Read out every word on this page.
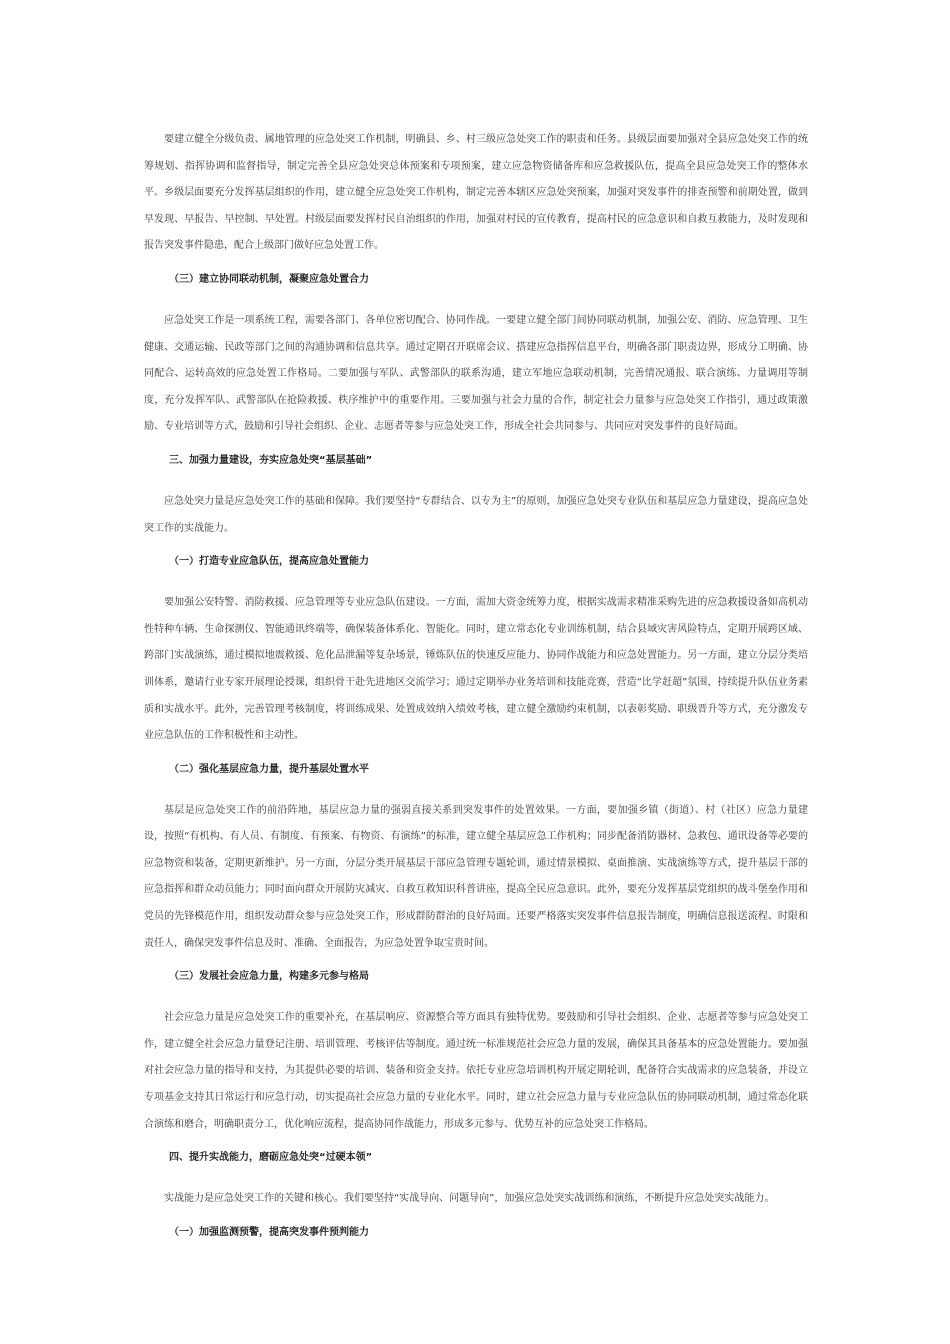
要建立健全分级负责、属地管理的应急处突工作机制，明确县、乡、村三级应急处突工作的职责和任务。县级层面要加强对全县应急处突工作的统筹规划、指挥协调和监督指导，制定完善全县应急处突总体预案和专项预案，建立应急物资储备库和应急救援队伍，提高全县应急处突工作的整体水平。乡级层面要充分发挥基层组织的作用，建立健全应急处突工作机构，制定完善本辖区应急处突预案，加强对突发事件的排查预警和前期处置，做到早发现、早报告、早控制、早处置。村级层面要发挥村民自治组织的作用，加强对村民的宣传教育，提高村民的应急意识和自救互救能力，及时发现和报告突发事件隐患，配合上级部门做好应急处置工作。

（三）建立协同联动机制，凝聚应急处置合力

应急处突工作是一项系统工程，需要各部门、各单位密切配合、协同作战。一要建立健全部门间协同联动机制，加强公安、消防、应急管理、卫生健康、交通运输、民政等部门之间的沟通协调和信息共享。通过定期召开联席会议、搭建应急指挥信息平台，明确各部门职责边界，形成分工明确、协同配合、运转高效的应急处置工作格局。二要加强与军队、武警部队的联系沟通，建立军地应急联动机制，完善情况通报、联合演练、力量调用等制度，充分发挥军队、武警部队在抢险救援、秩序维护中的重要作用。三要加强与社会力量的合作，制定社会力量参与应急处突工作指引，通过政策激励、专业培训等方式，鼓励和引导社会组织、企业、志愿者等参与应急处突工作，形成全社会共同参与、共同应对突发事件的良好局面。

三、加强力量建设，夯实应急处突“基层基础”

应急处突力量是应急处突工作的基础和保障。我们要坚持“专群结合、以专为主”的原则，加强应急处突专业队伍和基层应急力量建设，提高应急处突工作的实战能力。

（一）打造专业应急队伍，提高应急处置能力

要加强公安特警、消防救援、应急管理等专业应急队伍建设。一方面，需加大资金统筹力度，根据实战需求精准采购先进的应急救援设备如高机动性特种车辆、生命探测仪、智能通讯终端等，确保装备体系化、智能化。同时，建立常态化专业训练机制，结合县域灾害风险特点，定期开展跨区域、跨部门实战演练，通过模拟地震救援、危化品泄漏等复杂场景，锤炼队伍的快速反应能力、协同作战能力和应急处置能力。另一方面，建立分层分类培训体系，邀请行业专家开展理论授课，组织骨干赴先进地区交流学习；通过定期举办业务培训和技能竞赛，营造“比学赶超”氛围，持续提升队伍业务素质和实战水平。此外，完善管理考核制度，将训练成果、处置成效纳入绩效考核，建立健全激励约束机制，以表彰奖励、职级晋升等方式，充分激发专业应急队伍的工作积极性和主动性。

（二）强化基层应急力量，提升基层处置水平

基层是应急处突工作的前沿阵地，基层应急力量的强弱直接关系到突发事件的处置效果。一方面，要加强乡镇（街道）、村（社区）应急力量建设，按照“有机构、有人员、有制度、有预案、有物资、有演练”的标准，建立健全基层应急工作机构；同步配备消防器材、急救包、通讯设备等必要的应急物资和装备，定期更新维护。另一方面，分层分类开展基层干部应急管理专题轮训，通过情景模拟、桌面推演、实战演练等方式，提升基层干部的应急指挥和群众动员能力；同时面向群众开展防灾减灾、自救互救知识科普讲座，提高全民应急意识。此外，要充分发挥基层党组织的战斗堡垒作用和党员的先锋模范作用，组织发动群众参与应急处突工作，形成群防群治的良好局面。还要严格落实突发事件信息报告制度，明确信息报送流程、时限和责任人，确保突发事件信息及时、准确、全面报告，为应急处置争取宝贵时间。

（三）发展社会应急力量，构建多元参与格局

社会应急力量是应急处突工作的重要补充，在基层响应、资源整合等方面具有独特优势。要鼓励和引导社会组织、企业、志愿者等参与应急处突工作，建立健全社会应急力量登记注册、培训管理、考核评估等制度。通过统一标准规范社会应急力量的发展，确保其具备基本的应急处置能力。要加强对社会应急力量的指导和支持，为其提供必要的培训、装备和资金支持。依托专业应急培训机构开展定期轮训，配备符合实战需求的应急装备，并设立专项基金支持其日常运行和应急行动，切实提高社会应急力量的专业化水平。同时，建立社会应急力量与专业应急队伍的协同联动机制，通过常态化联合演练和磨合，明确职责分工，优化响应流程，提高协同作战能力，形成多元参与、优势互补的应急处突工作格局。

四、提升实战能力，磨砺应急处突“过硬本领”

实战能力是应急处突工作的关键和核心。我们要坚持“实战导向、问题导向”，加强应急处突实战训练和演练，不断提升应急处突实战能力。

（一）加强监测预警，提高突发事件预判能力
